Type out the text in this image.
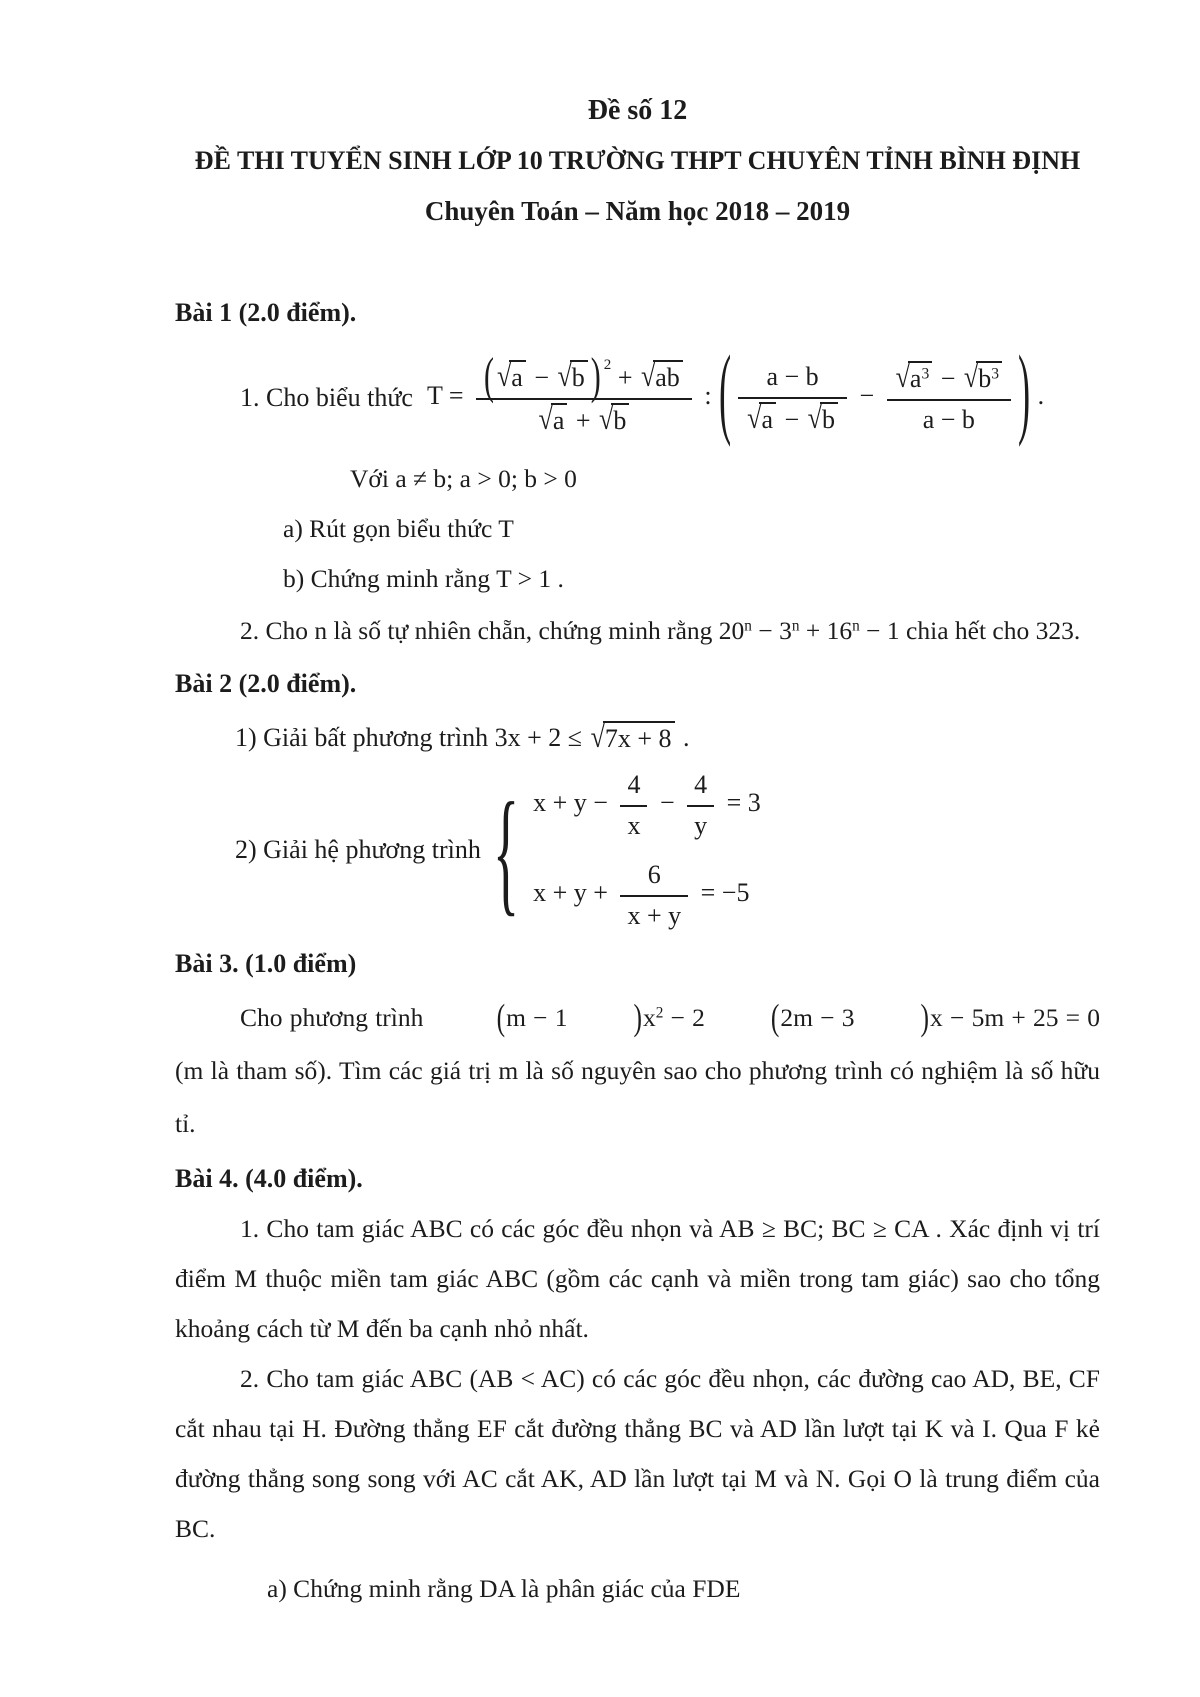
Đề số 12
ĐỀ THI TUYỂN SINH LỚP 10 TRƯỜNG THPT CHUYÊN TỈNH BÌNH ĐỊNH
Chuyên Toán – Năm học 2018 – 2019
Bài 1 (2.0 điểm).
1. Cho biểu thức $T = \frac{( √a - √b ) ^2 + √ab}{√a + √b}$ : ( $\frac{a - b}{√a - √b} - \frac{√a^3 - √b^3}{a - b}$ ) .
Với a ≠ b; a > 0; b > 0
a) Rút gọn biểu thức T
b) Chứng minh rằng T > 1 .

2. Cho n là số tự nhiên chẵn, chứng minh rằng $20^n - 3^n + 16^n - 1$ chia hết cho 323.

Bài 2 (2.0 điểm).
1) Giải bất phương trình 3x + 2 ≤ √7x + 8 .
2) Giải hệ phương trình { $x + y - \frac{4}{x} - \frac{4}{y} = 3$
$x + y + \frac{6}{x + y} = -5$
Bài 3. (1.0 điểm)

Cho phương trình	(m − 1	)$x^2 - 2$	(2m − 3	)x − 5m + 25 = 0 (m là tham số). Tìm các giá trị m là số nguyên sao cho phương trình có nghiệm là số hữu tỉ.

Bài 4. (4.0 điểm).

1. Cho tam giác ABC có các góc đều nhọn và AB ≥ BC; BC ≥ CA . Xác định vị trí điểm M thuộc miền tam giác ABC (gồm các cạnh và miền trong tam giác) sao cho tổng khoảng cách từ M đến ba cạnh nhỏ nhất.

2. Cho tam giác ABC (AB < AC) có các góc đều nhọn, các đường cao AD, BE, CF cắt nhau tại H. Đường thẳng EF cắt đường thẳng BC và AD lần lượt tại K và I. Qua F kẻ đường thẳng song song với AC cắt AK, AD lần lượt tại M và N. Gọi O là trung điểm của BC.

a) Chứng minh rằng DA là phân giác của FDE
